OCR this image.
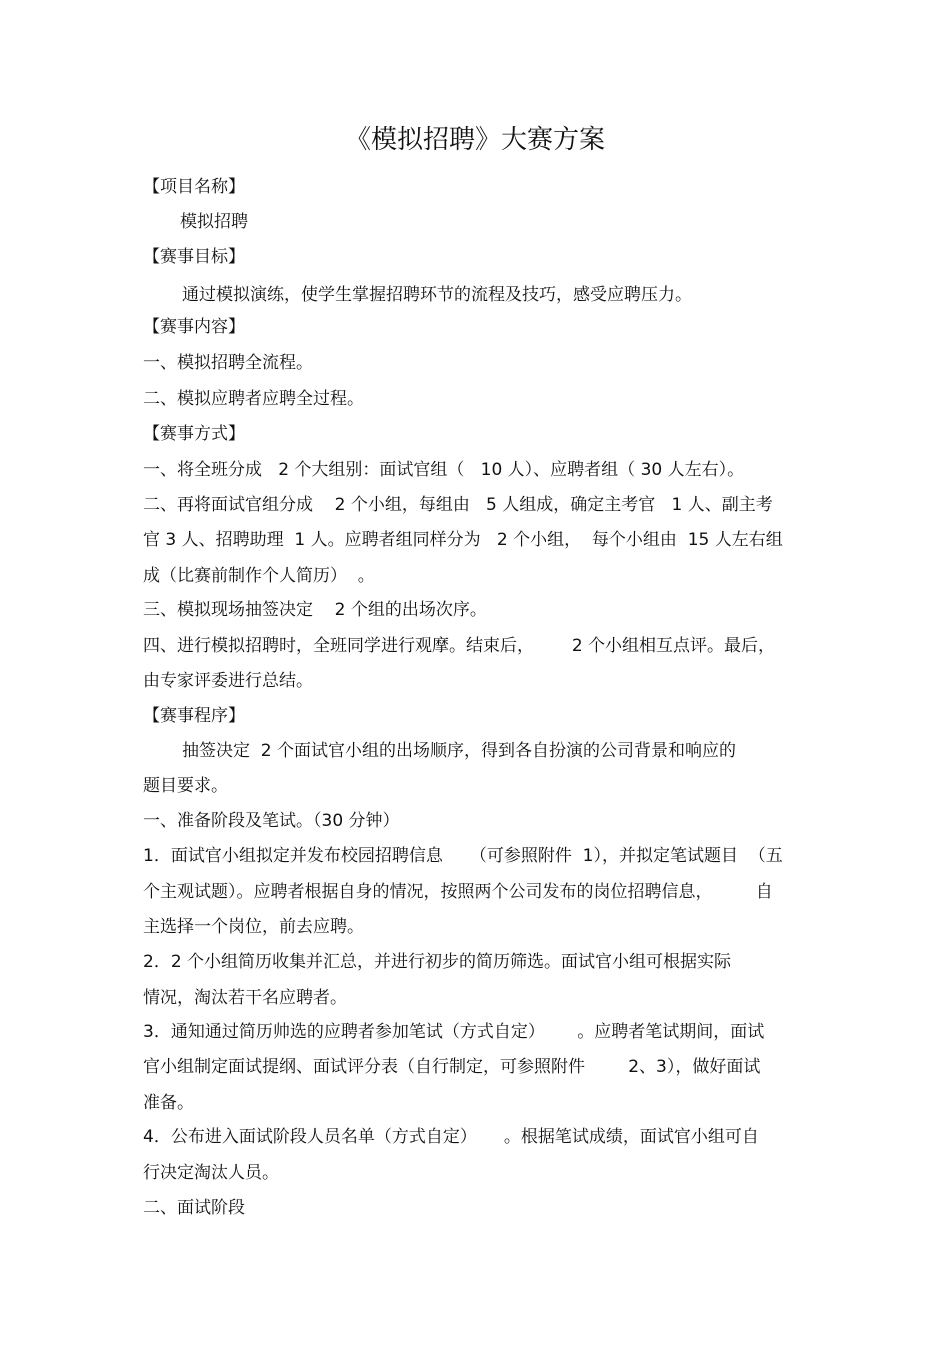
《模拟招聘》大赛方案
【项目名称】
模拟招聘
【赛事目标】
通过模拟演练，使学生掌握招聘环节的流程及技巧，感受应聘压力。
【赛事内容】
一、模拟招聘全流程。
二、模拟应聘者应聘全过程。
【赛事方式】
一、将全班分成   2 个大组别：面试官组（   10 人）、应聘者组（ 30 人左右）。
二、再将面试官组分成    2 个小组，每组由   5 人组成，确定主考官   1 人、副主考
官 3 人、招聘助理  1 人。应聘者组同样分为   2 个小组，  每个小组由  15 人左右组
成（比赛前制作个人简历）  。
三、模拟现场抽签决定    2 个组的出场次序。
四、进行模拟招聘时，全班同学进行观摩。结束后，       2 个小组相互点评。最后，
由专家评委进行总结。
【赛事程序】
抽签决定  2 个面试官小组的出场顺序，得到各自扮演的公司背景和响应的
题目要求。
一、准备阶段及笔试。（30 分钟）
1．面试官小组拟定并发布校园招聘信息     （可参照附件  1），并拟定笔试题目  （五
个主观试题）。应聘者根据自身的情况，按照两个公司发布的岗位招聘信息，        自
主选择一个岗位，前去应聘。
2．2 个小组简历收集并汇总，并进行初步的简历筛选。面试官小组可根据实际
情况，淘汰若干名应聘者。
3．通知通过简历帅选的应聘者参加笔试（方式自定）      。应聘者笔试期间，面试
官小组制定面试提纲、面试评分表（自行制定，可参照附件        2、3），做好面试
准备。
4．公布进入面试阶段人员名单（方式自定）     。根据笔试成绩，面试官小组可自
行决定淘汰人员。
二、面试阶段
